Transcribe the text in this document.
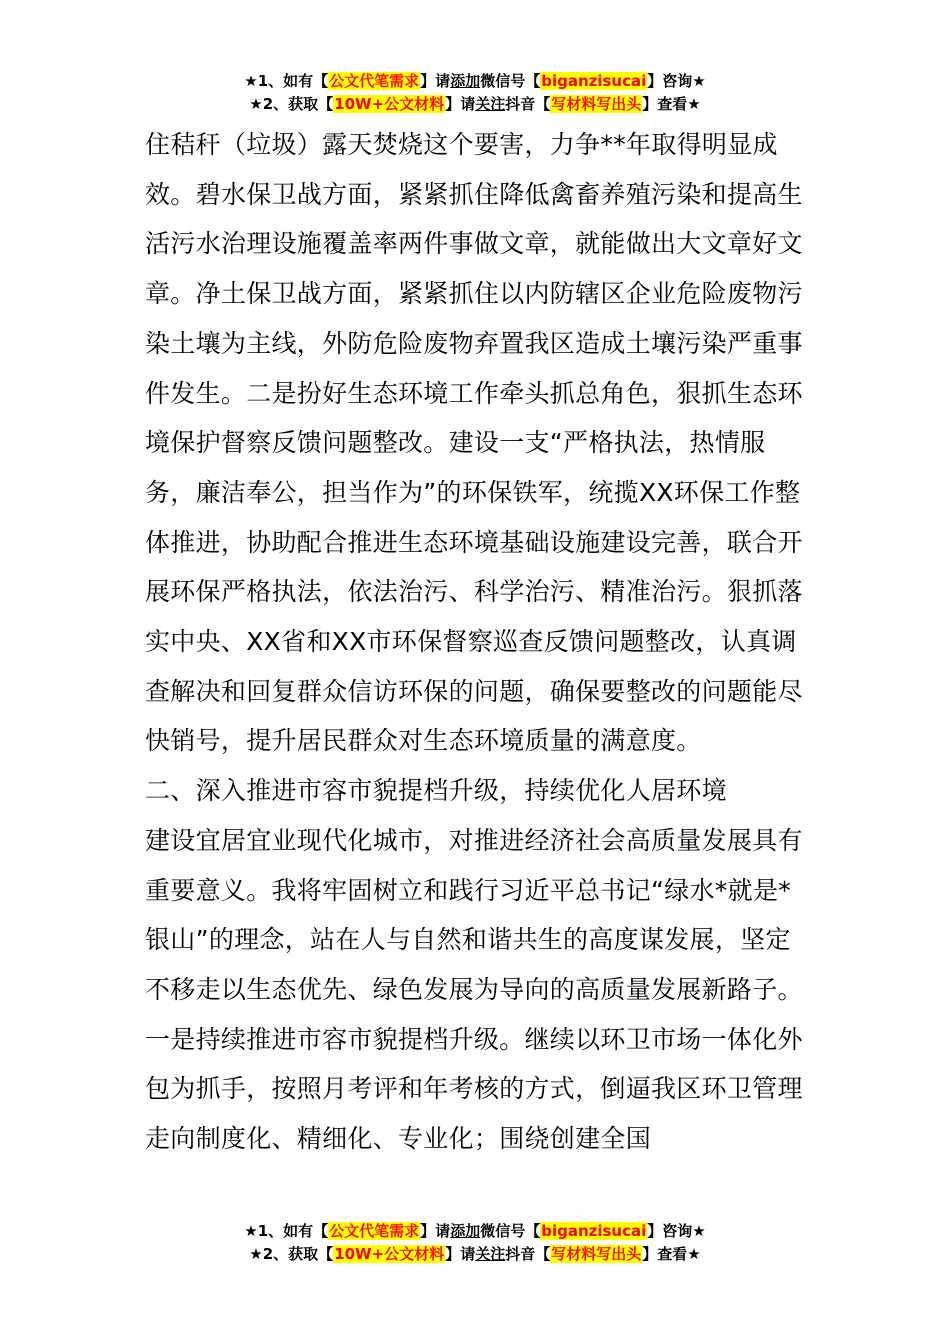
★1、如有【公文代笔需求】请添加微信号【biganzisucai】咨询★
★2、获取【10W+公文材料】请关注抖音【写材料写出头】查看★

住秸秆（垃圾）露天焚烧这个要害，力争**年取得明显成效。碧水保卫战方面，紧紧抓住降低禽畜养殖污染和提高生活污水治理设施覆盖率两件事做文章，就能做出大文章好文章。净土保卫战方面，紧紧抓住以内防辖区企业危险废物污染土壤为主线，外防危险废物弃置我区造成土壤污染严重事件发生。二是扮好生态环境工作牵头抓总角色，狠抓生态环境保护督察反馈问题整改。建设一支“严格执法，热情服务，廉洁奉公，担当作为”的环保铁军，统揽XX环保工作整体推进，协助配合推进生态环境基础设施建设完善，联合开展环保严格执法，依法治污、科学治污、精准治污。狠抓落实中央、XX省和XX市环保督察巡查反馈问题整改，认真调查解决和回复群众信访环保的问题，确保要整改的问题能尽快销号，提升居民群众对生态环境质量的满意度。

二、深入推进市容市貌提档升级，持续优化人居环境

建设宜居宜业现代化城市，对推进经济社会高质量发展具有重要意义。我将牢固树立和践行习近平总书记“绿水*就是*银山”的理念，站在人与自然和谐共生的高度谋发展，坚定不移走以生态优先、绿色发展为导向的高质量发展新路子。一是持续推进市容市貌提档升级。继续以环卫市场一体化外包为抓手，按照月考评和年考核的方式，倒逼我区环卫管理走向制度化、精细化、专业化；围绕创建全国

★1、如有【公文代笔需求】请添加微信号【biganzisucai】咨询★
★2、获取【10W+公文材料】请关注抖音【写材料写出头】查看★
